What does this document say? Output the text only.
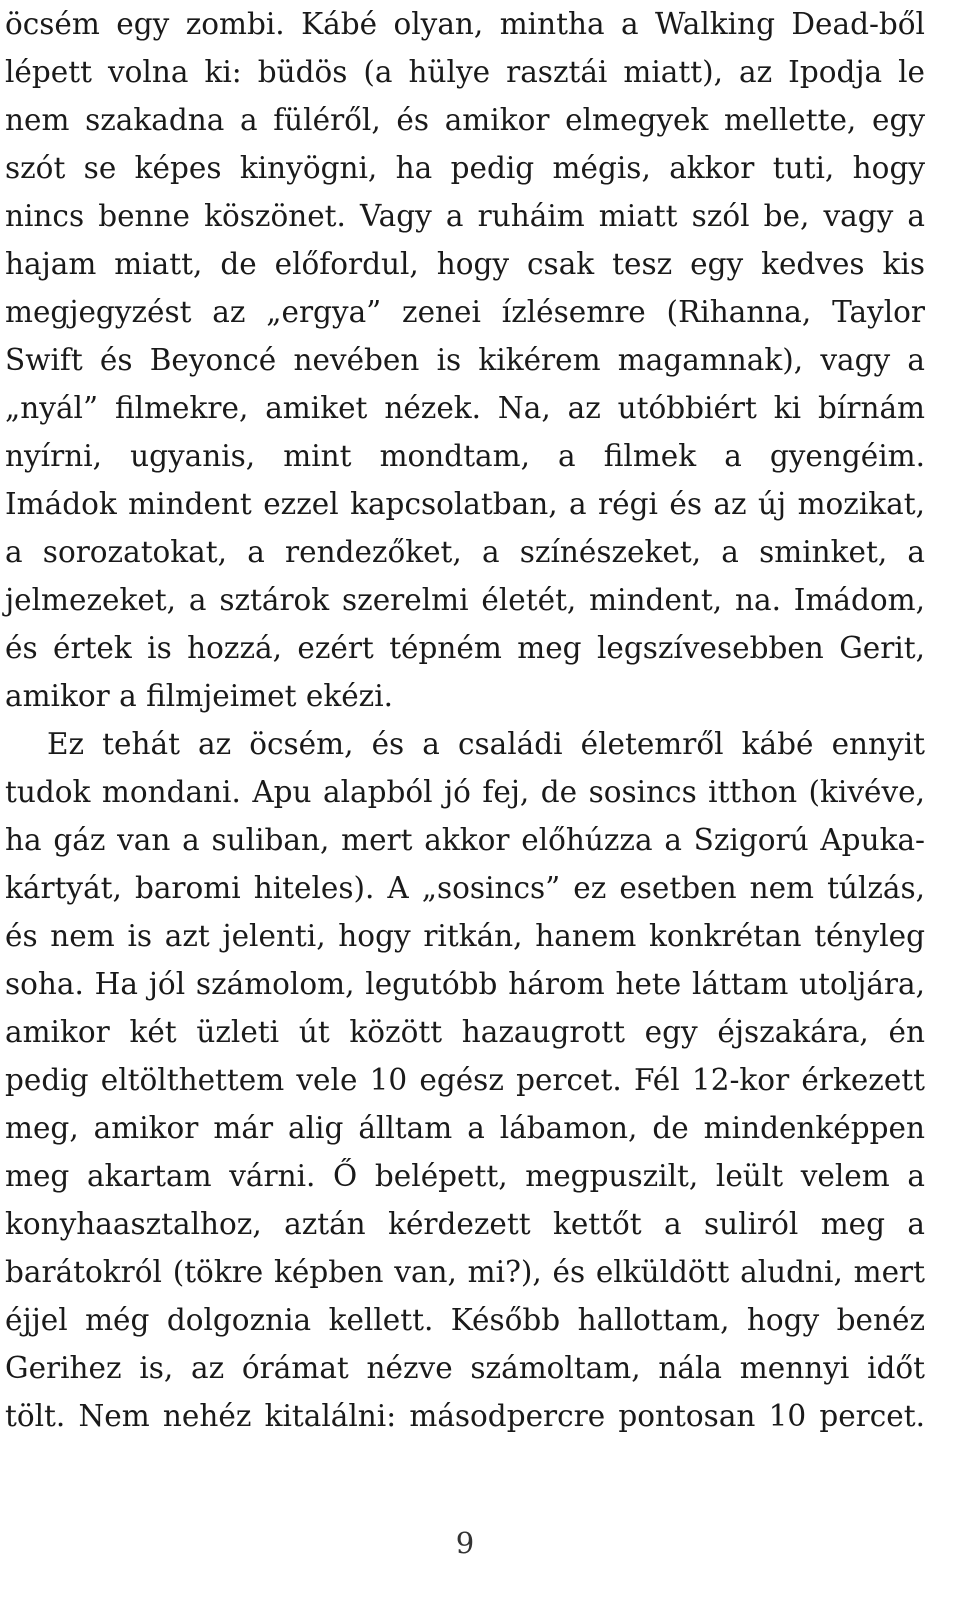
öcsém egy zombi. Kábé olyan, mintha a Walking Dead-ből
lépett volna ki: büdös (a hülye rasztái miatt), az Ipodja le
nem szakadna a füléről, és amikor elmegyek mellette, egy
szót se képes kinyögni, ha pedig mégis, akkor tuti, hogy
nincs benne köszönet. Vagy a ruháim miatt szól be, vagy a
hajam miatt, de előfordul, hogy csak tesz egy kedves kis
megjegyzést az „ergya” zenei ízlésemre (Rihanna, Taylor
Swift és Beyoncé nevében is kikérem magamnak), vagy a
„nyál” filmekre, amiket nézek. Na, az utóbbiért ki bírnám
nyírni, ugyanis, mint mondtam, a filmek a gyengéim.
Imádok mindent ezzel kapcsolatban, a régi és az új mozikat,
a sorozatokat, a rendezőket, a színészeket, a sminket, a
jelmezeket, a sztárok szerelmi életét, mindent, na. Imádom,
és értek is hozzá, ezért tépném meg legszívesebben Gerit,
amikor a filmjeimet ekézi.
Ez tehát az öcsém, és a családi életemről kábé ennyit
tudok mondani. Apu alapból jó fej, de sosincs itthon (kivéve,
ha gáz van a suliban, mert akkor előhúzza a Szigorú Apuka-
kártyát, baromi hiteles). A „sosincs” ez esetben nem túlzás,
és nem is azt jelenti, hogy ritkán, hanem konkrétan tényleg
soha. Ha jól számolom, legutóbb három hete láttam utoljára,
amikor két üzleti út között hazaugrott egy éjszakára, én
pedig eltölthettem vele 10 egész percet. Fél 12-kor érkezett
meg, amikor már alig álltam a lábamon, de mindenképpen
meg akartam várni. Ő belépett, megpuszilt, leült velem a
konyhaasztalhoz, aztán kérdezett kettőt a suliról meg a
barátokról (tökre képben van, mi?), és elküldött aludni, mert
éjjel még dolgoznia kellett. Később hallottam, hogy benéz
Gerihez is, az órámat nézve számoltam, nála mennyi időt
tölt. Nem nehéz kitalálni: másodpercre pontosan 10 percet.
9
